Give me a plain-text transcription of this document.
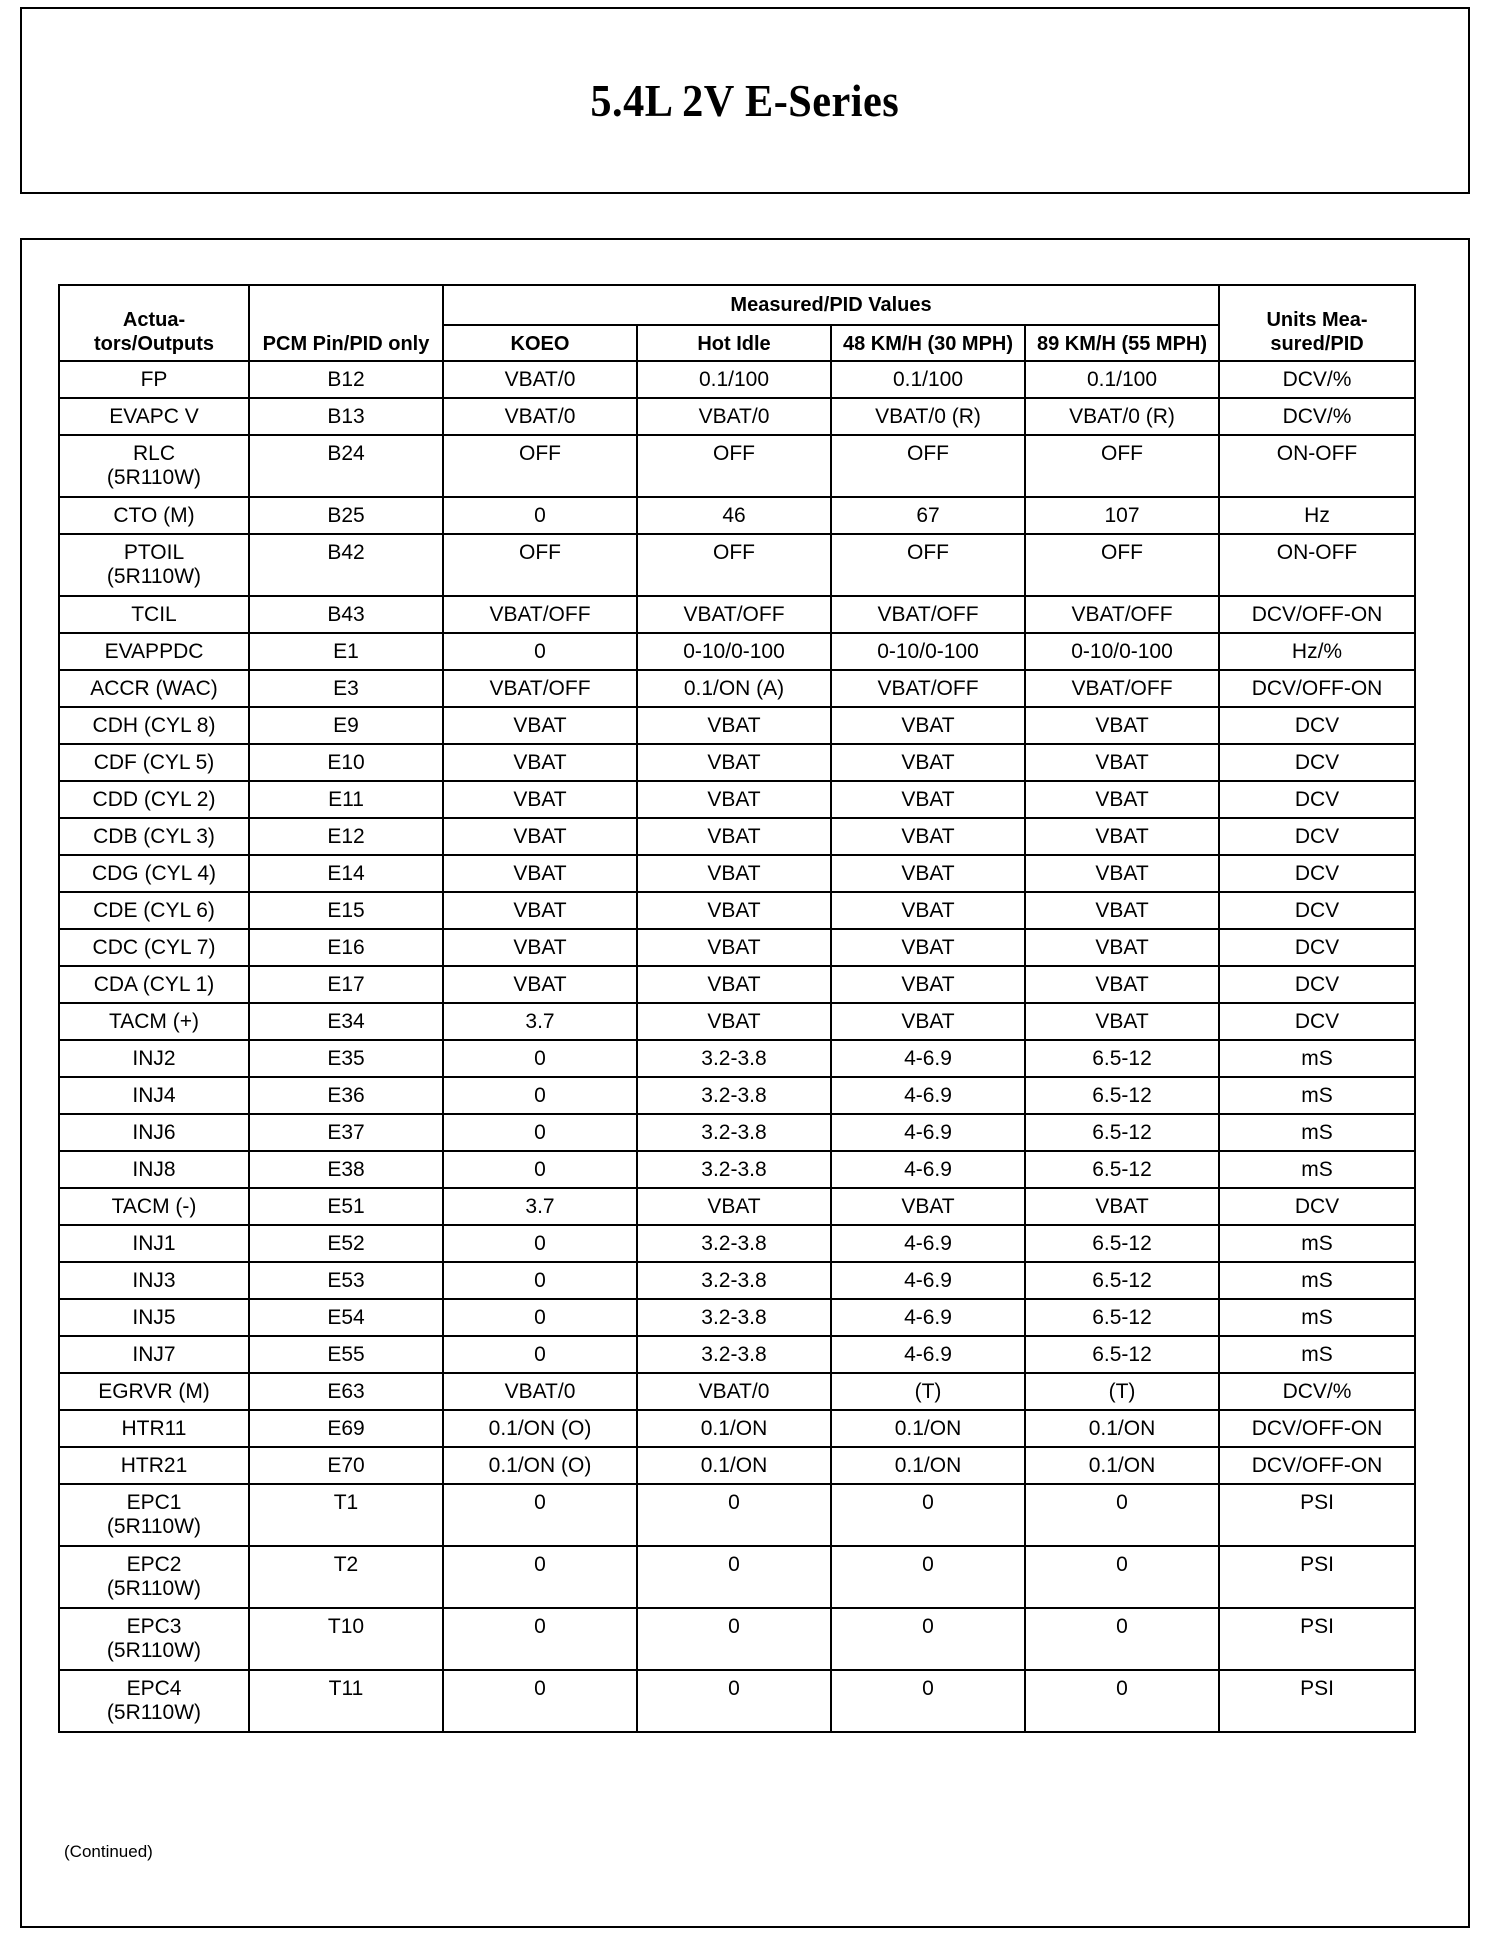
5.4L 2V E-Series
Actua-tors/Outputs	PCM Pin/PID only	Measured/PID Values				Units Mea-sured/PID
		KOEO	Hot Idle	48 KM/H (30 MPH)	89 KM/H (55 MPH)	
FP	B12	VBAT/0	0.1/100	0.1/100	0.1/100	DCV/%
EVAPC V	B13	VBAT/0	VBAT/0	VBAT/0 (R)	VBAT/0 (R)	DCV/%

RLC
(5R110W)	B24	OFF	OFF	OFF	OFF	ON-OFF
CTO (M)	B25	0	46	67	107	Hz

PTOIL
(5R110W)	B42	OFF	OFF	OFF	OFF	ON-OFF
TCIL	B43	VBAT/OFF	VBAT/OFF	VBAT/OFF	VBAT/OFF	DCV/OFF-ON
EVAPPDC	E1	0	0-10/0-100	0-10/0-100	0-10/0-100	Hz/%
ACCR (WAC)	E3	VBAT/OFF	0.1/ON (A)	VBAT/OFF	VBAT/OFF	DCV/OFF-ON
CDH (CYL 8)	E9	VBAT	VBAT	VBAT	VBAT	DCV
CDF (CYL 5)	E10	VBAT	VBAT	VBAT	VBAT	DCV
CDD (CYL 2)	E11	VBAT	VBAT	VBAT	VBAT	DCV
CDB (CYL 3)	E12	VBAT	VBAT	VBAT	VBAT	DCV
CDG (CYL 4)	E14	VBAT	VBAT	VBAT	VBAT	DCV
CDE (CYL 6)	E15	VBAT	VBAT	VBAT	VBAT	DCV
CDC (CYL 7)	E16	VBAT	VBAT	VBAT	VBAT	DCV
CDA (CYL 1)	E17	VBAT	VBAT	VBAT	VBAT	DCV
TACM (+)	E34	3.7	VBAT	VBAT	VBAT	DCV
INJ2	E35	0	3.2-3.8	4-6.9	6.5-12	mS
INJ4	E36	0	3.2-3.8	4-6.9	6.5-12	mS
INJ6	E37	0	3.2-3.8	4-6.9	6.5-12	mS
INJ8	E38	0	3.2-3.8	4-6.9	6.5-12	mS
TACM (-)	E51	3.7	VBAT	VBAT	VBAT	DCV
INJ1	E52	0	3.2-3.8	4-6.9	6.5-12	mS
INJ3	E53	0	3.2-3.8	4-6.9	6.5-12	mS
INJ5	E54	0	3.2-3.8	4-6.9	6.5-12	mS
INJ7	E55	0	3.2-3.8	4-6.9	6.5-12	mS
EGRVR (M)	E63	VBAT/0	VBAT/0	(T)	(T)	DCV/%
HTR11	E69	0.1/ON (O)	0.1/ON	0.1/ON	0.1/ON	DCV/OFF-ON
HTR21	E70	0.1/ON (O)	0.1/ON	0.1/ON	0.1/ON	DCV/OFF-ON

EPC1
(5R110W)	T1	0	0	0	0	PSI

EPC2
(5R110W)	T2	0	0	0	0	PSI

EPC3
(5R110W)	T10	0	0	0	0	PSI

EPC4
(5R110W)	T11	0	0	0	0	PSI
(Continued)
